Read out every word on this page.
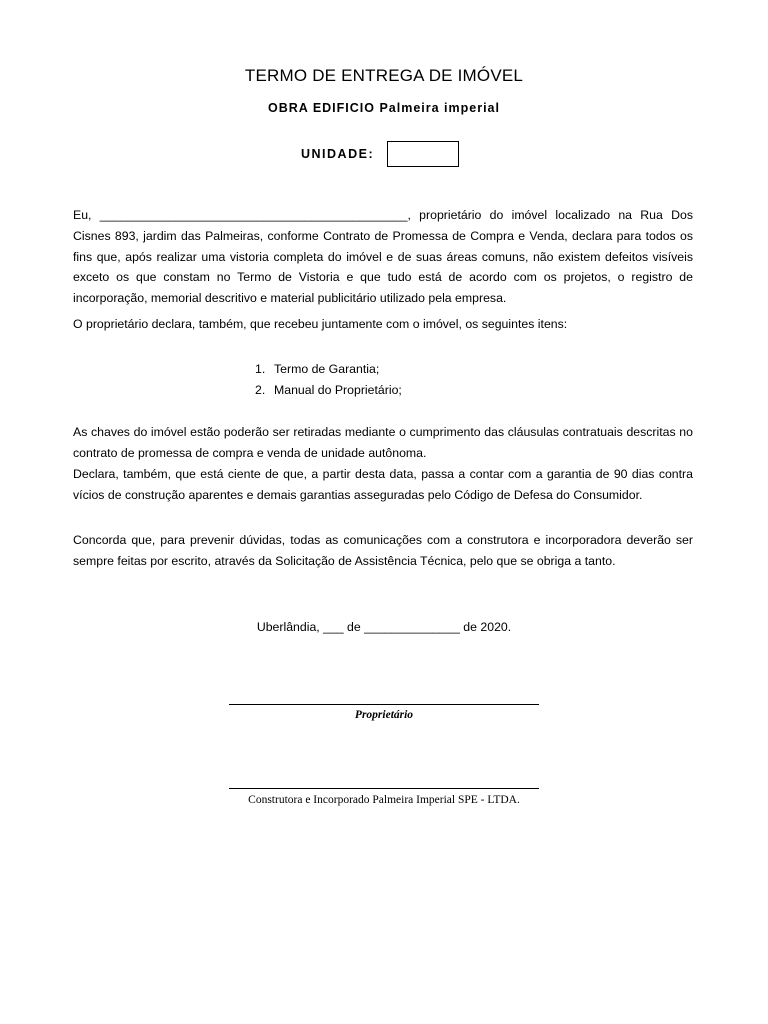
TERMO DE ENTREGA DE IMÓVEL
OBRA EDIFICIO Palmeira imperial
UNIDADE:

Eu, _____________________________________________, proprietário do imóvel localizado na Rua Dos Cisnes 893, jardim das Palmeiras, conforme Contrato de Promessa de Compra e Venda, declara para todos os fins que, após realizar uma vistoria completa do imóvel e de suas áreas comuns, não existem defeitos visíveis exceto os que constam no Termo de Vistoria e que tudo está de acordo com os projetos, o registro de incorporação, memorial descritivo e material publicitário utilizado pela empresa.

O proprietário declara, também, que recebeu juntamente com o imóvel, os seguintes itens:

1. Termo de Garantia;
2. Manual do Proprietário;

As chaves do imóvel estão poderão ser retiradas mediante o cumprimento das cláusulas contratuais descritas no contrato de promessa de compra e venda de unidade autônoma.

Declara, também, que está ciente de que, a partir desta data, passa a contar com a garantia de 90 dias contra vícios de construção aparentes e demais garantias asseguradas pelo Código de Defesa do Consumidor.

Concorda que, para prevenir dúvidas, todas as comunicações com a construtora e incorporadora deverão ser sempre feitas por escrito, através da Solicitação de Assistência Técnica, pelo que se obriga a tanto.

Uberlândia, ___ de ______________ de 2020.
Proprietário
Construtora e Incorporado Palmeira Imperial SPE - LTDA.
